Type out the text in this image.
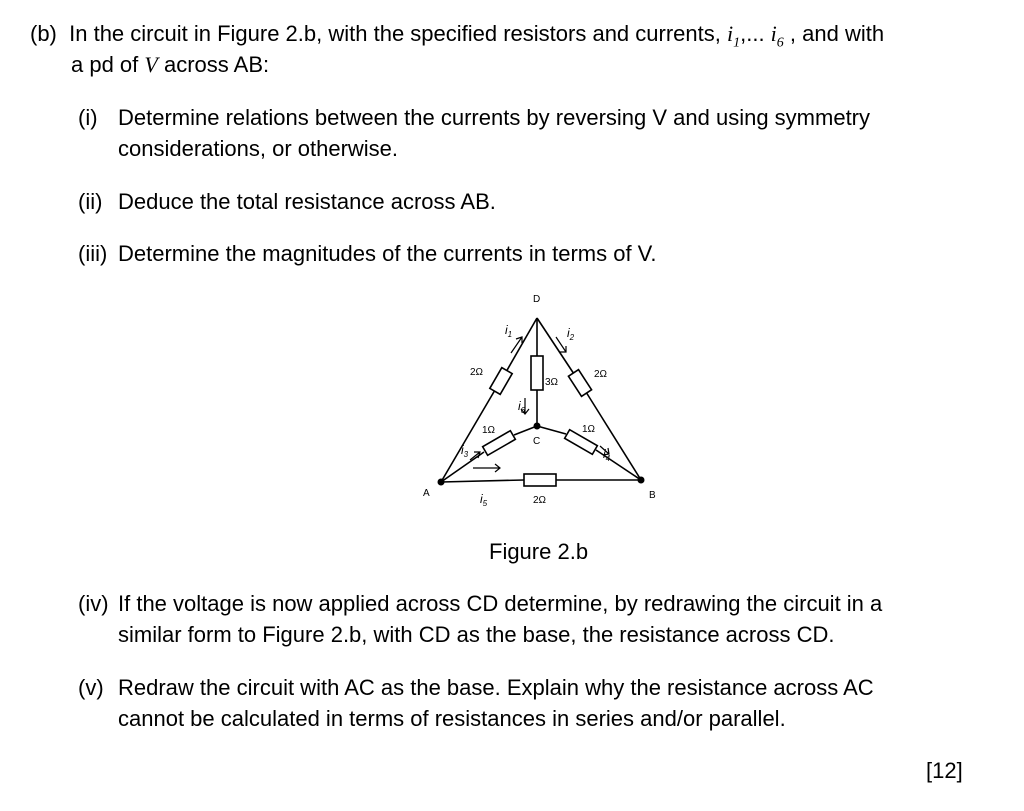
(b) In the circuit in Figure 2.b, with the specified resistors and currents, $i_1$,... $i_6$ , and with
a pd of V across AB:
(i) Determine relations between the currents by reversing V and using symmetry
considerations, or otherwise.
(ii) Deduce the total resistance across AB.
(iii) Determine the magnitudes of the currents in terms of V.
D
A	B
C
2Ω	2Ω
3Ω
1Ω	1Ω
2Ω
$i_1$	$i_2$
$i_6$
$i_3$	$i_4$
$i_5$
Figure 2.b
(iv) If the voltage is now applied across CD determine, by redrawing the circuit in a
similar form to Figure 2.b, with CD as the base, the resistance across CD.
(v) Redraw the circuit with AC as the base. Explain why the resistance across AC
cannot be calculated in terms of resistances in series and/or parallel.
[12]
